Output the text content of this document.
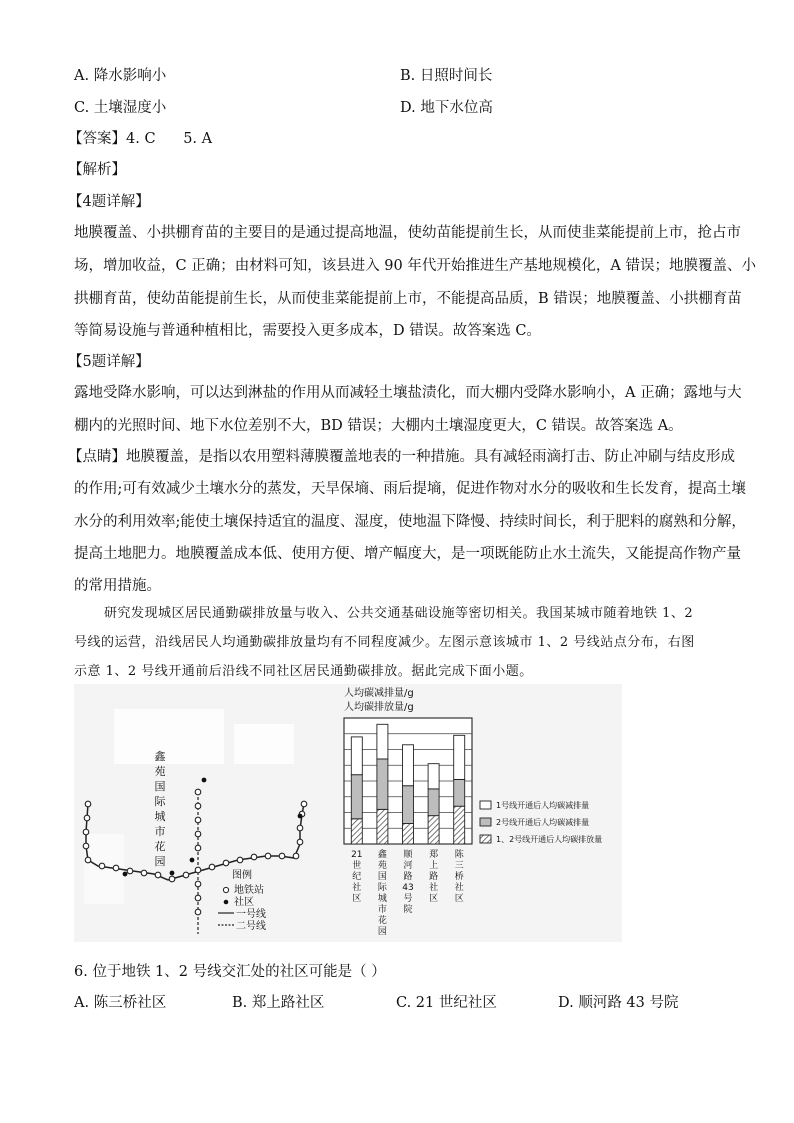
A. 降水影响小	B. 日照时间长
C. 土壤湿度小	D. 地下水位高
【答案】4. C      5. A
【解析】
【4题详解】
地膜覆盖、小拱棚育苗的主要目的是通过提高地温，使幼苗能提前生长，从而使韭菜能提前上市，抢占市
场，增加收益，C 正确；由材料可知，该县进入 90 年代开始推进生产基地规模化，A 错误；地膜覆盖、小
拱棚育苗，使幼苗能提前生长，从而使韭菜能提前上市，不能提高品质，B 错误；地膜覆盖、小拱棚育苗
等简易设施与普通种植相比，需要投入更多成本，D 错误。故答案选 C。
【5题详解】
露地受降水影响，可以达到淋盐的作用从而减轻土壤盐渍化，而大棚内受降水影响小，A 正确；露地与大
棚内的光照时间、地下水位差别不大，BD 错误；大棚内土壤湿度更大，C 错误。故答案选 A。
【点睛】地膜覆盖，是指以农用塑料薄膜覆盖地表的一种措施。具有减轻雨滴打击、防止冲刷与结皮形成
的作用;可有效减少土壤水分的蒸发，天旱保墒、雨后提墒，促进作物对水分的吸收和生长发育，提高土壤
水分的利用效率;能使土壤保持适宜的温度、湿度，使地温下降慢、持续时间长，利于肥料的腐熟和分解，
提高土地肥力。地膜覆盖成本低、使用方便、增产幅度大，是一项既能防止水土流失，又能提高作物产量
的常用措施。
研究发现城区居民通勤碳排放量与收入、公共交通基础设施等密切相关。我国某城市随着地铁 1、2
号线的运营，沿线居民人均通勤碳排放量均有不同程度减少。左图示意该城市 1、2 号线站点分布，右图
示意 1、2 号线开通前后沿线不同社区居民通勤碳排放。据此完成下面小题。
鑫苑国际城市花园
图例
地铁站
社区
一号线
二号线
人均碳减排量/g
人均碳排放量/g
21 世纪社区
鑫苑国际城市花园
顺河路 43 号院
郑上路社区
陈三桥社区
1号线开通后人均碳减排量
2号线开通后人均碳减排量
1、2号线开通后人均碳排放量
6. 位于地铁 1、2 号线交汇处的社区可能是（ ）
A. 陈三桥社区	B. 郑上路社区	C. 21 世纪社区	D. 顺河路 43 号院
